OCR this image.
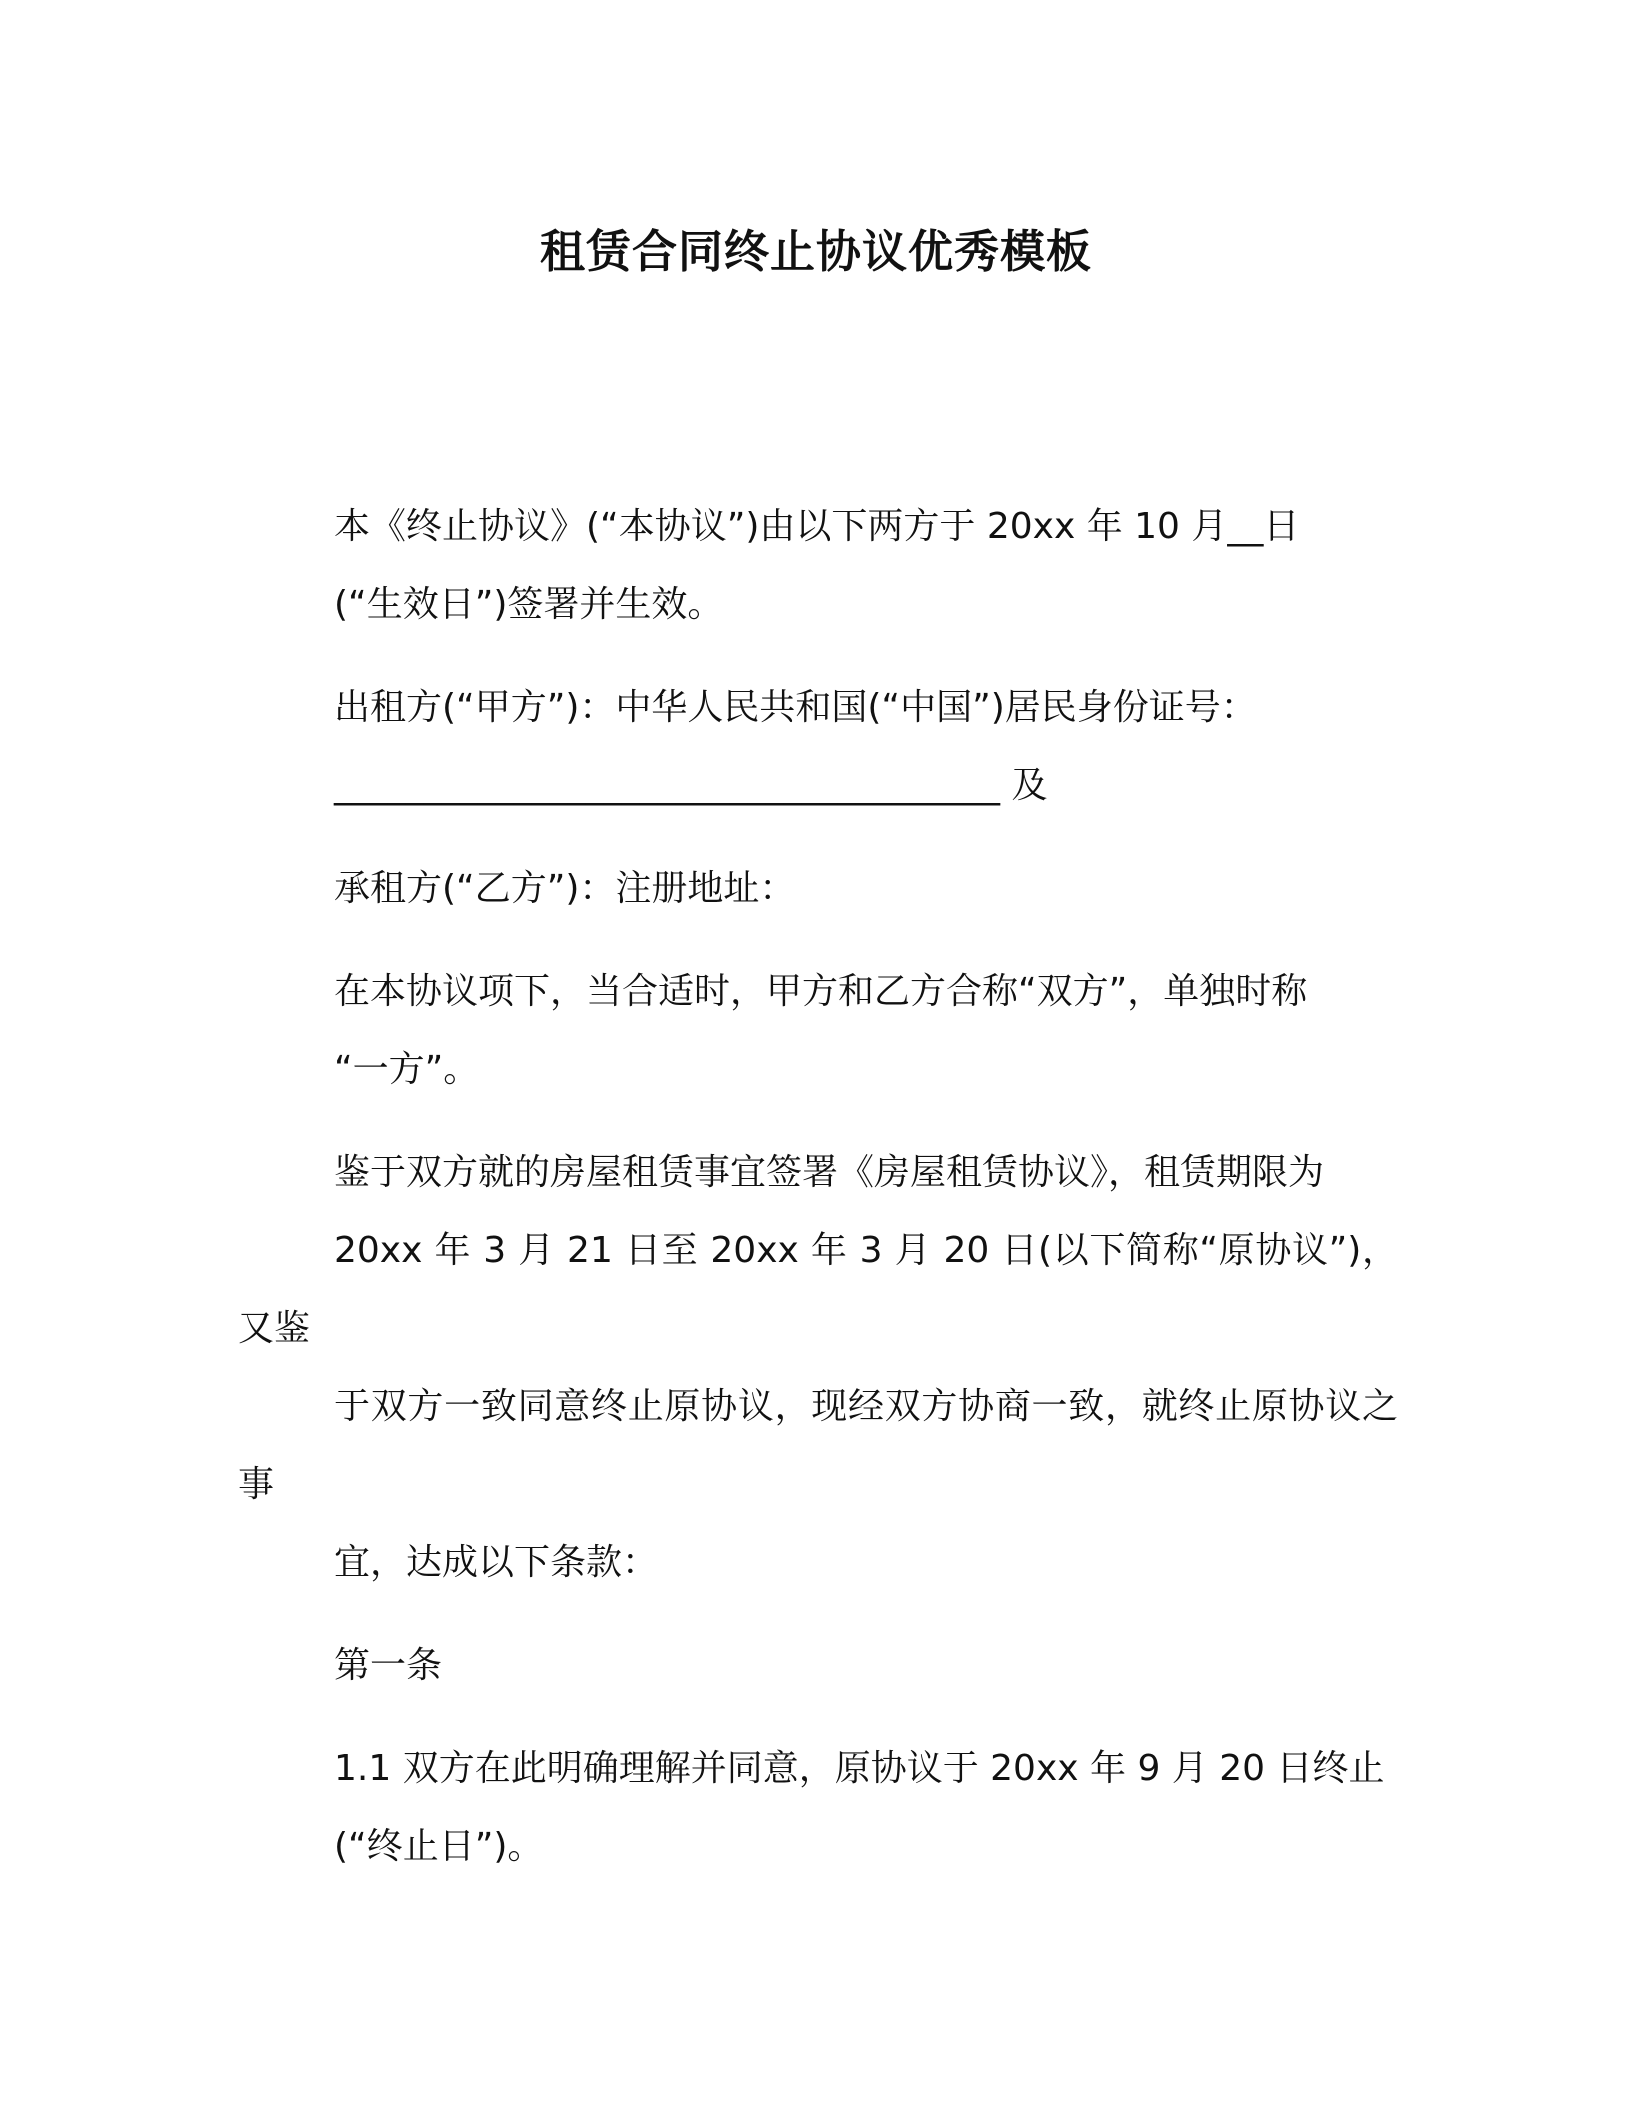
租赁合同终止协议优秀模板

本《终止协议》(“本协议”)由以下两方于 20xx 年 10 月__日
(“生效日”)签署并生效。

出租方(“甲方”)：中华人民共和国(“中国”)居民身份证号：
_____________________________________ 及

承租方(“乙方”)：注册地址：

在本协议项下，当合适时，甲方和乙方合称“双方”，单独时称
“一方”。

鉴于双方就的房屋租赁事宜签署《房屋租赁协议》，租赁期限为
20xx 年 3 月 21 日至 20xx 年 3 月 20 日(以下简称“原协议”)，又鉴
于双方一致同意终止原协议，现经双方协商一致，就终止原协议之事
宜，达成以下条款：

第一条

1.1 双方在此明确理解并同意，原协议于 20xx 年 9 月 20 日终止
(“终止日”)。
